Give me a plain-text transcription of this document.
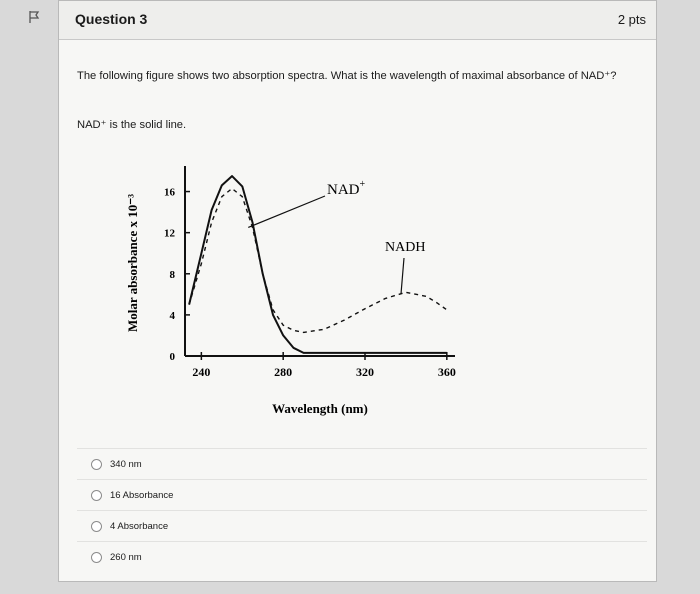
Question 3	2 pts
The following figure shows two absorption spectra. What is the wavelength of maximal absorbance of NAD⁺?
NAD⁺ is the solid line.
240	280	320	360
0
4
8
12
16	NAD+
NADH
Wavelength (nm)
Molar absorbance x 10⁻³
340 nm
16 Absorbance
4 Absorbance
260 nm
